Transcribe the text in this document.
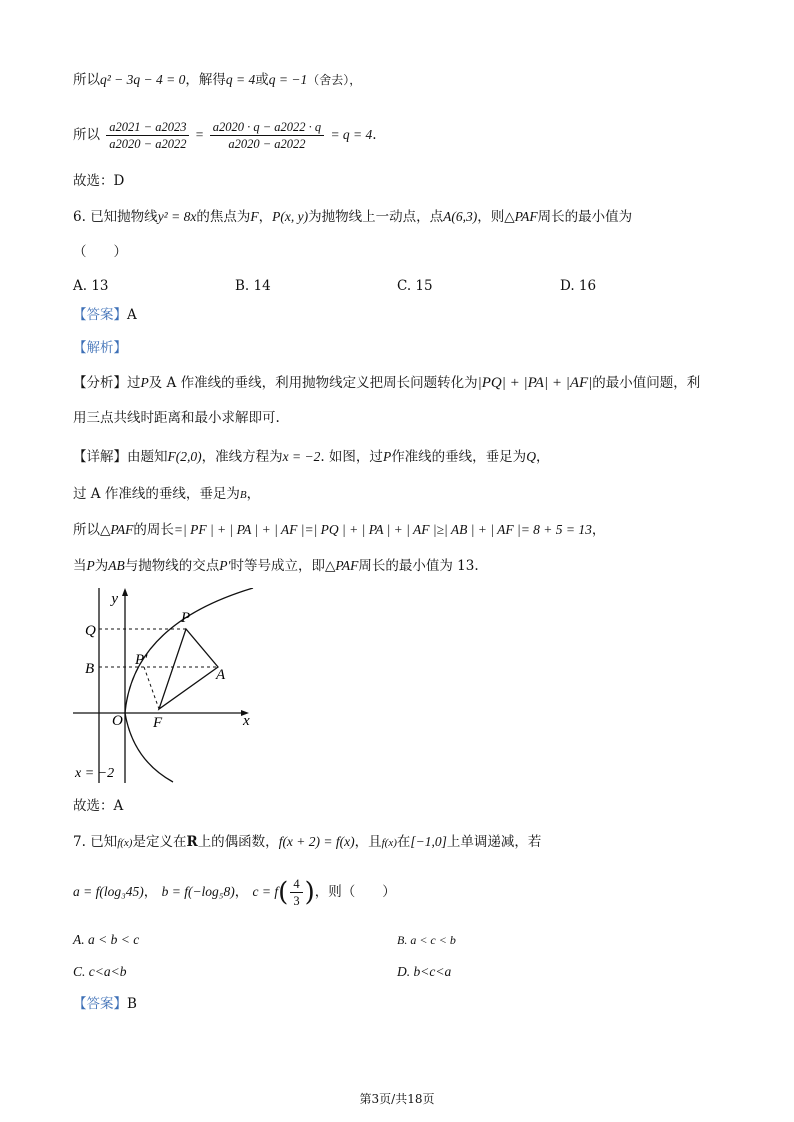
所以q² − 3q − 4 = 0，解得q = 4或q = −1（舍去），
所以 $\frac{a2021 - a2023}{a2020 - a2022} = \frac{a2020 \cdot q - a2022 \cdot q}{a2020 - a2022} = q = 4$.
故选：D
6. 已知抛物线y² = 8x的焦点为F，P(x, y)为抛物线上一动点，点A(6,3)，则△PAF周长的最小值为
（　　）
A. 13	B. 14	C. 15	D. 16
【答案】A
【解析】
【分析】过P及 A 作准线的垂线，利用抛物线定义把周长问题转化为|PQ| + |PA| + |AF|的最小值问题，利
用三点共线时距离和最小求解即可.
【详解】由题知F(2,0)，准线方程为x = −2. 如图，过P作准线的垂线，垂足为Q，
过 A 作准线的垂线，垂足为B，
所以△PAF的周长=| PF | + | PA | + | AF |=| PQ | + | PA | + | AF |≥| AB | + | AF |= 8 + 5 = 13，
当P为AB与抛物线的交点P′时等号成立，即△PAF周长的最小值为 13.
y
x
Q
B
P
P′
A
O F
x = −2
故选：A
7. 已知f(x)是定义在R上的偶函数，f(x + 2) = f(x)，且f(x)在[−1,0]上单调递减，若
a = f(log₃45)， b = f(−log₅8)， $c = f( \frac{4}{3}$ )，则（　　）
A. a < b < c	B. a < c < b
C. c<a<b	D. b<c<a
【答案】B
第3页/共18页
